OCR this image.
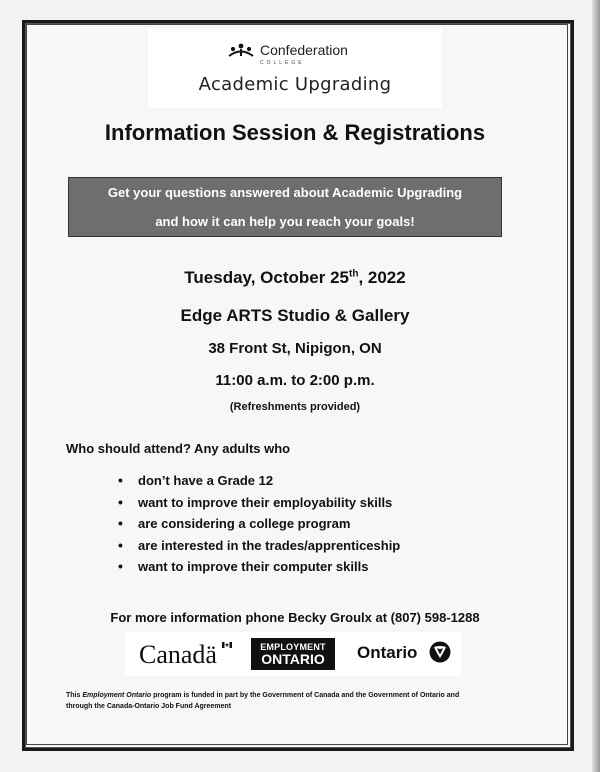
Confederation
COLLEGE
Academic Upgrading
Information Session & Registrations
Get your questions answered about Academic Upgrading
and how it can help you reach your goals!
Tuesday, October 25th, 2022
Edge ARTS Studio & Gallery
38 Front St, Nipigon, ON
11:00 a.m. to 2:00 p.m.
(Refreshments provided)
Who should attend? Any adults who
• don’t have a Grade 12
• want to improve their employability skills
• are considering a college program
• are interested in the trades/apprenticeship
• want to improve their computer skills
For more information phone Becky Groulx at (807) 598-1288
Canadä	EMPLOYMENT
ONTARIO	Ontario
This Employment Ontario program is funded in part by the Government of Canada and the Government of Ontario and
through the Canada-Ontario Job Fund Agreement
